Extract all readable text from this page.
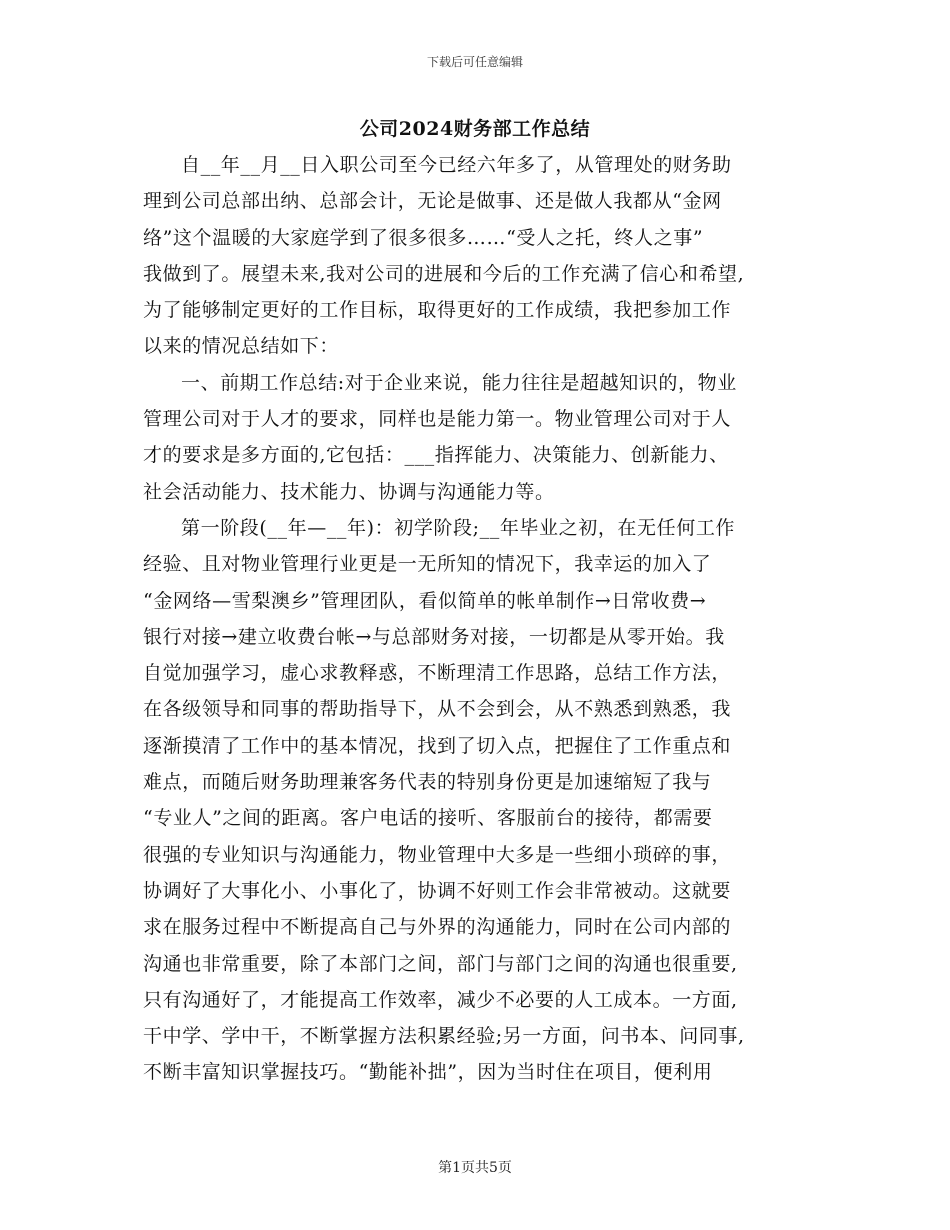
下载后可任意编辑
公司2024财务部工作总结
自__年__月__日入职公司至今已经六年多了，从管理处的财务助
理到公司总部出纳、总部会计，无论是做事、还是做人我都从“金网
络”这个温暖的大家庭学到了很多很多……“受人之托，终人之事”
我做到了。展望未来,我对公司的进展和今后的工作充满了信心和希望,
为了能够制定更好的工作目标，取得更好的工作成绩，我把参加工作
以来的情况总结如下：
一、前期工作总结:对于企业来说，能力往往是超越知识的，物业
管理公司对于人才的要求，同样也是能力第一。物业管理公司对于人
才的要求是多方面的,它包括：___指挥能力、决策能力、创新能力、
社会活动能力、技术能力、协调与沟通能力等。
第一阶段(__年—__年)：初学阶段;__年毕业之初，在无任何工作
经验、且对物业管理行业更是一无所知的情况下，我幸运的加入了
“金网络—雪梨澳乡”管理团队，看似简单的帐单制作→日常收费→
银行对接→建立收费台帐→与总部财务对接，一切都是从零开始。我
自觉加强学习，虚心求教释惑，不断理清工作思路，总结工作方法，
在各级领导和同事的帮助指导下，从不会到会，从不熟悉到熟悉，我
逐渐摸清了工作中的基本情况，找到了切入点，把握住了工作重点和
难点，而随后财务助理兼客务代表的特别身份更是加速缩短了我与
“专业人”之间的距离。客户电话的接听、客服前台的接待，都需要
很强的专业知识与沟通能力，物业管理中大多是一些细小琐碎的事，
协调好了大事化小、小事化了，协调不好则工作会非常被动。这就要
求在服务过程中不断提高自己与外界的沟通能力，同时在公司内部的
沟通也非常重要，除了本部门之间，部门与部门之间的沟通也很重要,
只有沟通好了，才能提高工作效率，减少不必要的人工成本。一方面,
干中学、学中干，不断掌握方法积累经验;另一方面，问书本、问同事,
不断丰富知识掌握技巧。“勤能补拙”，因为当时住在项目，便利用
第1页共5页
